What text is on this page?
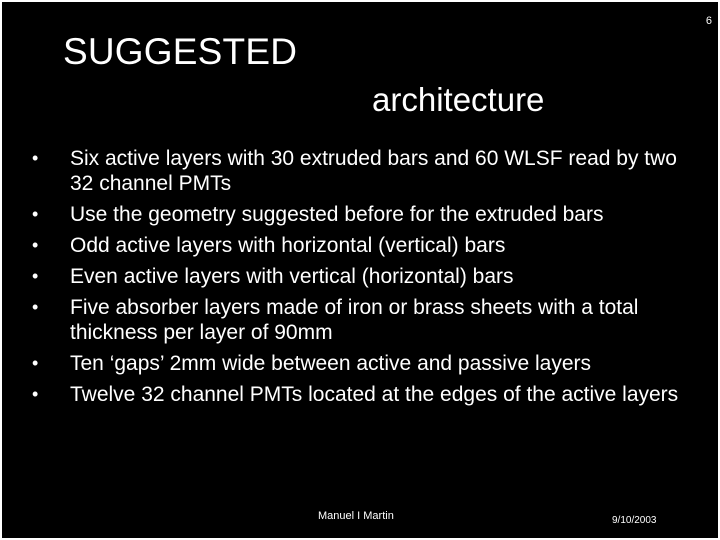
6
SUGGESTED
architecture
•	Six active layers with 30 extruded bars and 60 WLSF read by two 32 channel PMTs
•	Use the geometry suggested before for the extruded bars
•	Odd active layers with horizontal (vertical) bars
•	Even active layers with vertical (horizontal) bars
•	Five absorber layers made of iron or brass sheets with a total thickness per layer of 90mm
•	Ten ‘gaps’ 2mm wide between active and passive layers
•	Twelve 32 channel PMTs located at the edges of the active layers
Manuel I Martin	9/10/2003
